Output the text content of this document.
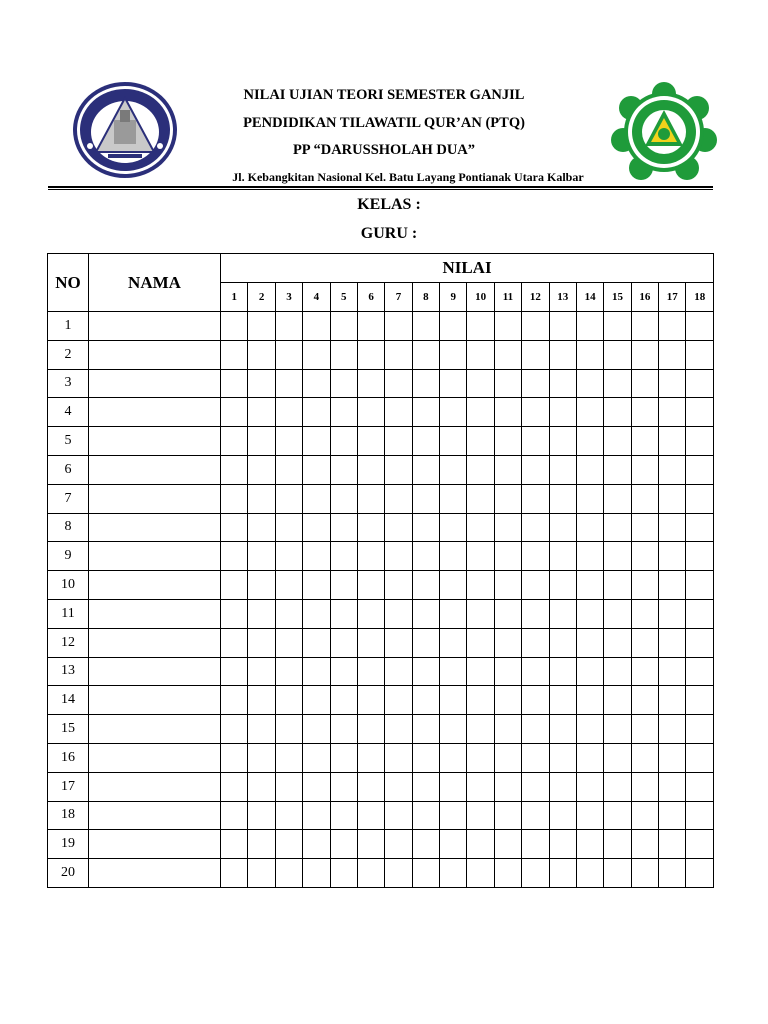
NILAI UJIAN TEORI SEMESTER GANJIL
PENDIDIKAN TILAWATIL QUR’AN (PTQ)
PP “DARUSSHOLAH DUA”
Jl. Kebangkitan Nasional Kel. Batu Layang Pontianak Utara Kalbar
KELAS :
GURU :
NO	NAMA	NILAI																	
		1	2	3	4	5	6	7	8	9	10	11	12	13	14	15	16	17	18
1																			
2																			
3																			
4																			
5																			
6																			
7																			
8																			
9																			
10																			
11																			
12																			
13																			
14																			
15																			
16																			
17																			
18																			
19																			
20																			
